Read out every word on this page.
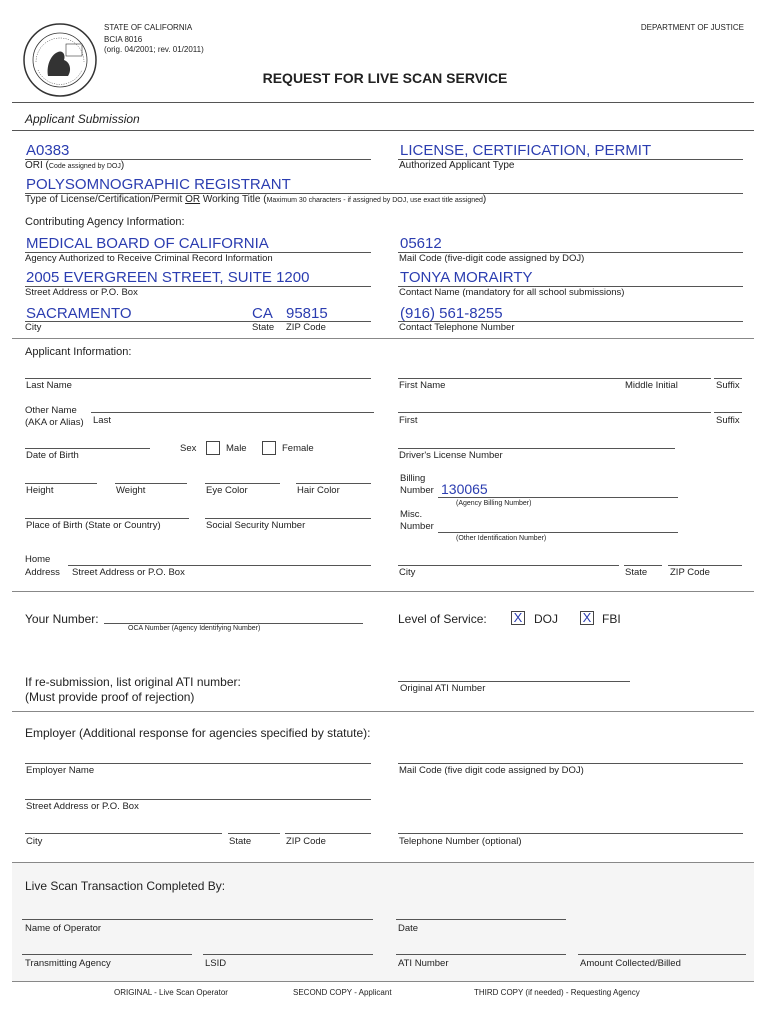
STATE OF CALIFORNIA
BCIA 8016
(orig. 04/2001; rev. 01/2011)
DEPARTMENT OF JUSTICE
REQUEST FOR LIVE SCAN SERVICE
Applicant Submission
A0383
ORI (Code assigned by DOJ)
LICENSE, CERTIFICATION, PERMIT
Authorized Applicant Type
POLYSOMNOGRAPHIC REGISTRANT
Type of License/Certification/Permit OR Working Title (Maximum 30 characters - if assigned by DOJ, use exact title assigned)
Contributing Agency Information:
MEDICAL BOARD OF CALIFORNIA
Agency Authorized to Receive Criminal Record Information
05612
Mail Code (five-digit code assigned by DOJ)
2005 EVERGREEN STREET, SUITE 1200
Street Address or P.O. Box
TONYA MORAIRTY
Contact Name (mandatory for all school submissions)
SACRAMENTO	CA 95815
City	State ZIP Code
(916) 561-8255
Contact Telephone Number
Applicant Information:
Last Name	First Name	Middle Initial	Suffix
Other Name
(AKA or Alias) Last	First	Suffix
Date of Birth
Sex	Male	Female
Driver's License Number
Height	Weight	Eye Color	Hair Color
Billing
Number 130065
(Agency Billing Number)
Place of Birth (State or Country)	Social Security Number
Misc.
Number
(Other Identification Number)
Home
Address Street Address or P.O. Box	City	State ZIP Code
Your Number:
OCA Number (Agency Identifying Number)
Level of Service: X DOJ X FBI
If re-submission, list original ATI number:
(Must provide proof of rejection)
Original ATI Number
Employer (Additional response for agencies specified by statute):
Employer Name	Mail Code (five digit code assigned by DOJ)
Street Address or P.O. Box
City	State	ZIP Code	Telephone Number (optional)
Live Scan Transaction Completed By:
Name of Operator	Date
Transmitting Agency	LSID	ATI Number	Amount Collected/Billed
ORIGINAL - Live Scan Operator	SECOND COPY - Applicant	THIRD COPY (if needed) - Requesting Agency
